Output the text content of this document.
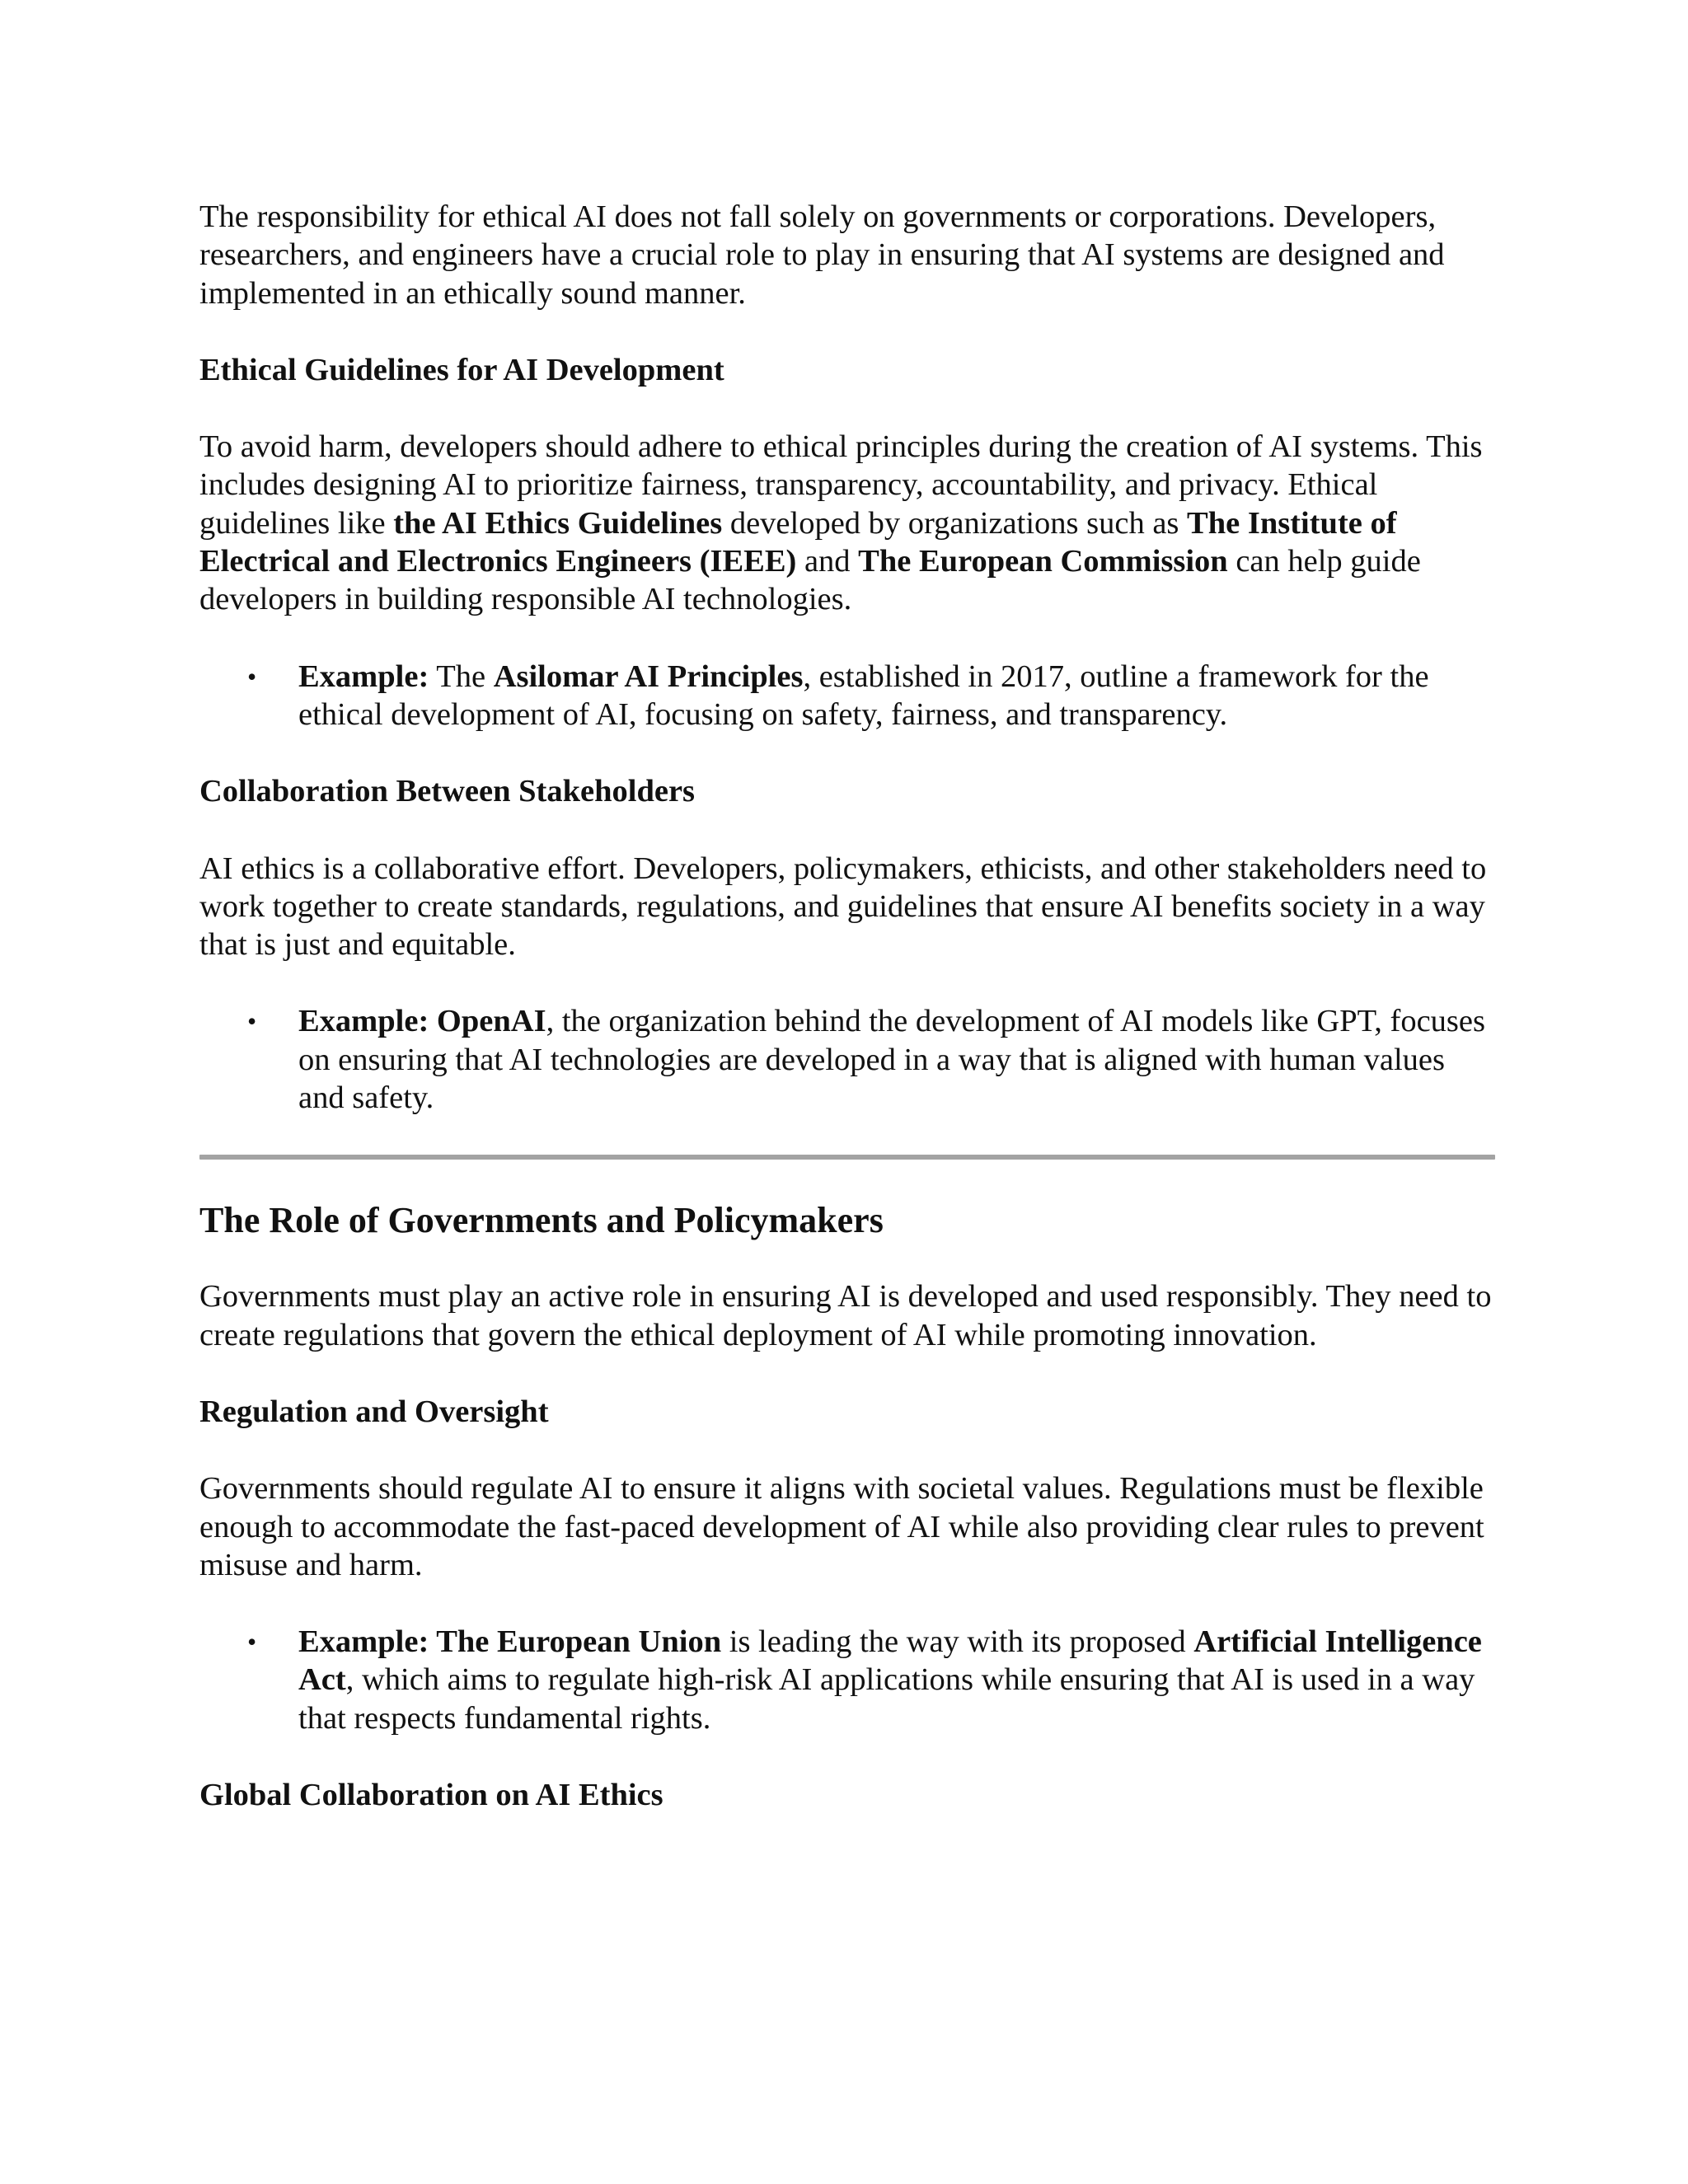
The responsibility for ethical AI does not fall solely on governments or corporations. Developers, researchers, and engineers have a crucial role to play in ensuring that AI systems are designed and implemented in an ethically sound manner.

Ethical Guidelines for AI Development

To avoid harm, developers should adhere to ethical principles during the creation of AI systems. This includes designing AI to prioritize fairness, transparency, accountability, and privacy. Ethical guidelines like the AI Ethics Guidelines developed by organizations such as The Institute of Electrical and Electronics Engineers (IEEE) and The European Commission can help guide developers in building responsible AI technologies.

• Example: The Asilomar AI Principles, established in 2017, outline a framework for the ethical development of AI, focusing on safety, fairness, and transparency.
Collaboration Between Stakeholders

AI ethics is a collaborative effort. Developers, policymakers, ethicists, and other stakeholders need to work together to create standards, regulations, and guidelines that ensure AI benefits society in a way that is just and equitable.

• Example: OpenAI, the organization behind the development of AI models like GPT, focuses on ensuring that AI technologies are developed in a way that is aligned with human values and safety.
The Role of Governments and Policymakers

Governments must play an active role in ensuring AI is developed and used responsibly. They need to create regulations that govern the ethical deployment of AI while promoting innovation.

Regulation and Oversight

Governments should regulate AI to ensure it aligns with societal values. Regulations must be flexible enough to accommodate the fast-paced development of AI while also providing clear rules to prevent misuse and harm.

• Example: The European Union is leading the way with its proposed Artificial Intelligence Act, which aims to regulate high-risk AI applications while ensuring that AI is used in a way that respects fundamental rights.
Global Collaboration on AI Ethics
